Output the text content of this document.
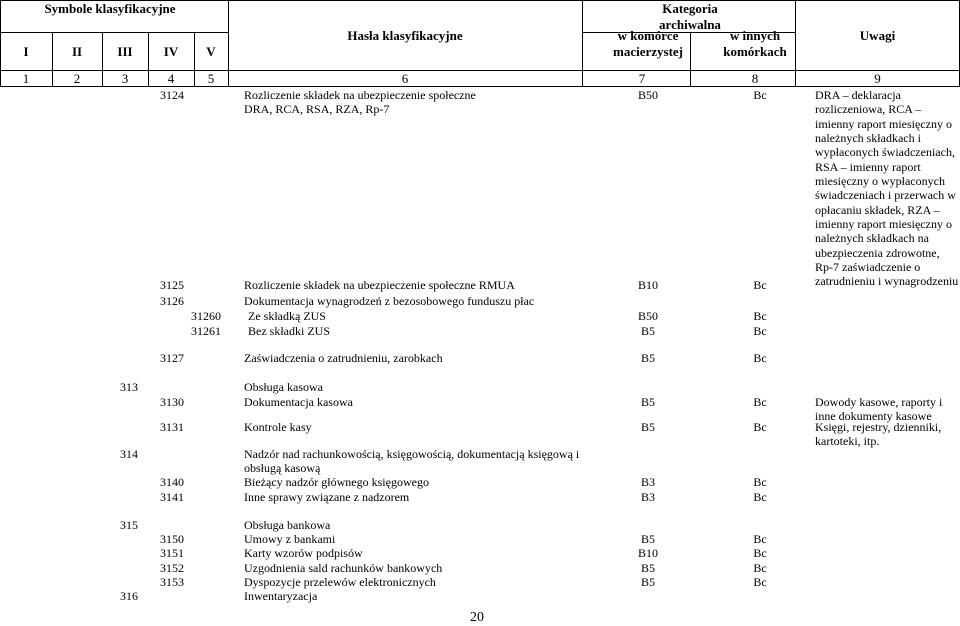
Symbole klasyfikacyjne
I	II	III	IV	V
Hasła klasyfikacyjne
Kategoria archiwalna
w komórce macierzystej
w innych komórkach
Uwagi
1	2	3	4	5	6	7	8	9
3124	Rozliczenie składek na ubezpieczenie społeczne
DRA, RCA, RSA, RZA, Rp-7
B50	Bc	DRA – deklaracja rozliczeniowa, RCA – imienny raport miesięczny o należnych składkach i wypłaconych świadczeniach, RSA – imienny raport miesięczny o wypłaconych świadczeniach i przerwach w opłacaniu składek, RZA – imienny raport miesięczny o należnych składkach na ubezpieczenia zdrowotne, Rp-7 zaświadczenie o zatrudnieniu i wynagrodzeniu
3125	Rozliczenie składek na ubezpieczenie społeczne RMUA	B10	Bc
3126	Dokumentacja wynagrodzeń z bezosobowego funduszu płac
31260 Ze składką ZUS	B50	Bc
31261 Bez składki ZUS	B5	Bc
3127	Zaświadczenia o zatrudnieniu, zarobkach	B5	Bc
313	Obsługa kasowa
3130	Dokumentacja kasowa	B5	Bc	Dowody kasowe, raporty i inne dokumenty kasowe
3131	Kontrole kasy	B5	Bc	Księgi, rejestry, dzienniki, kartoteki, itp.
314	Nadzór nad rachunkowością, księgowością, dokumentacją księgową i
obsługą kasową
3140	Bieżący nadzór głównego księgowego	B3	Bc
3141	Inne sprawy związane z nadzorem	B3	Bc
315	Obsługa bankowa
3150	Umowy z bankami	B5	Bc
3151	Karty wzorów podpisów	B10	Bc
3152	Uzgodnienia sald rachunków bankowych	B5	Bc
3153	Dyspozycje przelewów elektronicznych	B5	Bc
316	Inwentaryzacja
20
